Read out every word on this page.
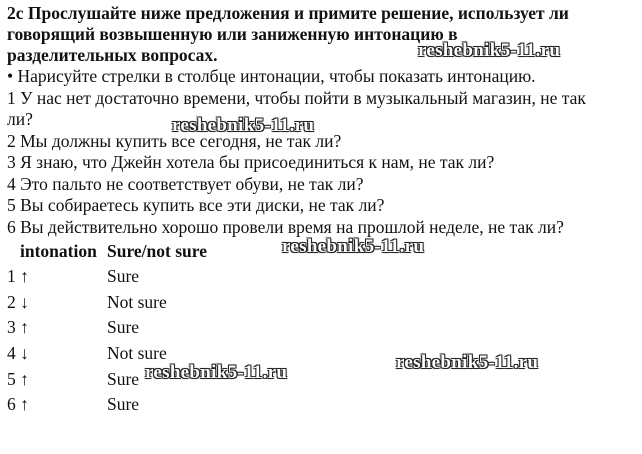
2c Прослушайте ниже предложения и примите решение, использует ли
говорящий возвышенную или заниженную интонацию в
разделительных вопросах.
• Нарисуйте стрелки в столбце интонации, чтобы показать интонацию.
1 У нас нет достаточно времени, чтобы пойти в музыкальный магазин, не так
ли?
2 Мы должны купить все сегодня, не так ли?
3 Я знаю, что Джейн хотела бы присоединиться к нам, не так ли?
4 Это пальто не соответствует обуви, не так ли?
5 Вы собираетесь купить все эти диски, не так ли?
6 Вы действительно хорошо провели время на прошлой неделе, не так ли?
intonation Sure/not sure
1 ↑	Sure
2 ↓	Not sure
3 ↑	Sure
4 ↓	Not sure
5 ↑	Sure
6 ↑	Sure
reshebnik5-11.ru
reshebnik5-11.ru
reshebnik5-11.ru
reshebnik5-11.ru
reshebnik5-11.ru
